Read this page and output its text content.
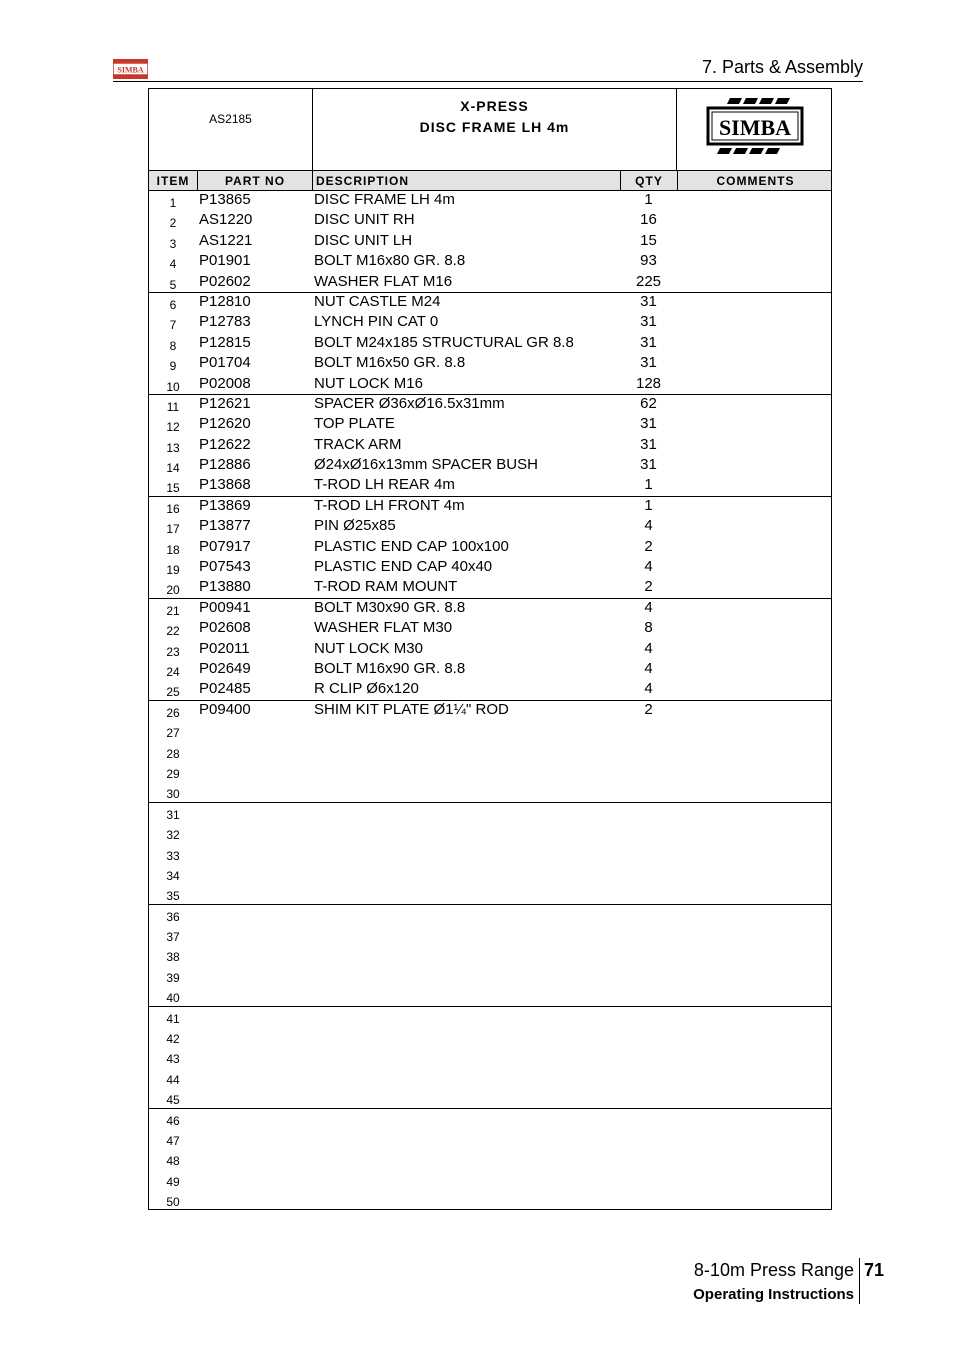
SIMBA	7. Parts & Assembly
AS2185
X-PRESS
DISC FRAME LH 4m	SIMBA
ITEM	PART NO	DESCRIPTION	QTY	COMMENTS
1	P13865	DISC FRAME LH 4m	1
2	AS1220	DISC UNIT RH	16
3	AS1221	DISC UNIT LH	15
4	P01901	BOLT M16x80 GR. 8.8	93
5	P02602	WASHER FLAT M16	225
6	P12810	NUT CASTLE M24	31
7	P12783	LYNCH PIN CAT 0	31
8	P12815	BOLT M24x185 STRUCTURAL GR 8.8	31
9	P01704	BOLT M16x50 GR. 8.8	31
10	P02008	NUT LOCK M16	128
11	P12621	SPACER Ø36xØ16.5x31mm	62
12	P12620	TOP PLATE	31
13	P12622	TRACK ARM	31
14	P12886	Ø24xØ16x13mm SPACER BUSH	31
15	P13868	T-ROD LH REAR 4m	1
16	P13869	T-ROD LH FRONT 4m	1
17	P13877	PIN Ø25x85	4
18	P07917	PLASTIC END CAP 100x100	2
19	P07543	PLASTIC END CAP 40x40	4
20	P13880	T-ROD RAM MOUNT	2
21	P00941	BOLT M30x90 GR. 8.8	4
22	P02608	WASHER FLAT M30	8
23	P02011	NUT LOCK M30	4
24	P02649	BOLT M16x90 GR. 8.8	4
25	P02485	R CLIP Ø6x120	4
26	P09400	SHIM KIT PLATE Ø1¼" ROD	2
27
28
29
30
31
32
33
34
35
36
37
38
39
40
41
42
43
44
45
46
47
48
49
50
8-10m Press Range 71
Operating Instructions
